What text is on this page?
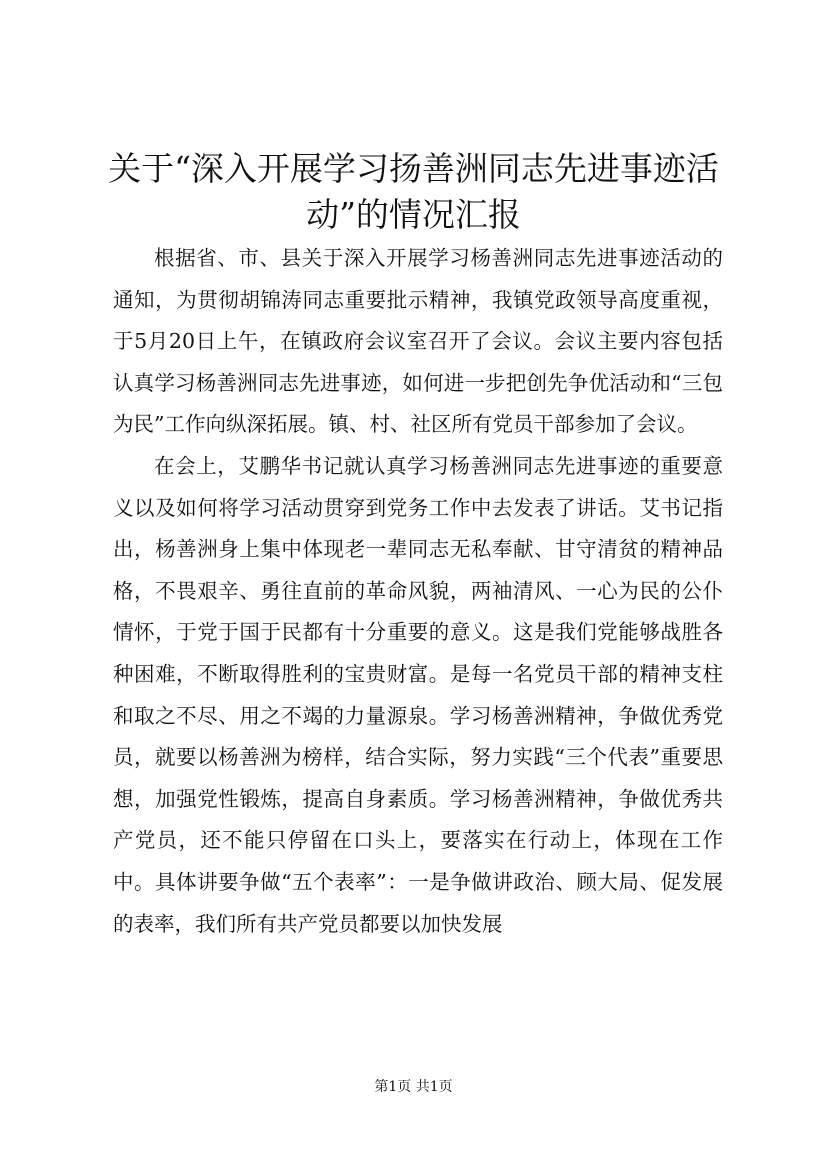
关于“深入开展学习扬善洲同志先进事迹活
动”的情况汇报

根据省、市、县关于深入开展学习杨善洲同志先进事迹活动的通知，为贯彻胡锦涛同志重要批示精神，我镇党政领导高度重视，于5月20日上午，在镇政府会议室召开了会议。会议主要内容包括认真学习杨善洲同志先进事迹，如何进一步把创先争优活动和“三包为民”工作向纵深拓展。镇、村、社区所有党员干部参加了会议。

在会上，艾鹏华书记就认真学习杨善洲同志先进事迹的重要意义以及如何将学习活动贯穿到党务工作中去发表了讲话。艾书记指出，杨善洲身上集中体现老一辈同志无私奉献、甘守清贫的精神品格，不畏艰辛、勇往直前的革命风貌，两袖清风、一心为民的公仆情怀，于党于国于民都有十分重要的意义。这是我们党能够战胜各种困难，不断取得胜利的宝贵财富。是每一名党员干部的精神支柱和取之不尽、用之不竭的力量源泉。学习杨善洲精神，争做优秀党员，就要以杨善洲为榜样，结合实际，努力实践“三个代表”重要思想，加强党性锻炼，提高自身素质。学习杨善洲精神，争做优秀共产党员，还不能只停留在口头上，要落实在行动上，体现在工作中。具体讲要争做“五个表率”：一是争做讲政治、顾大局、促发展的表率，我们所有共产党员都要以加快发展

第1页 共1页
